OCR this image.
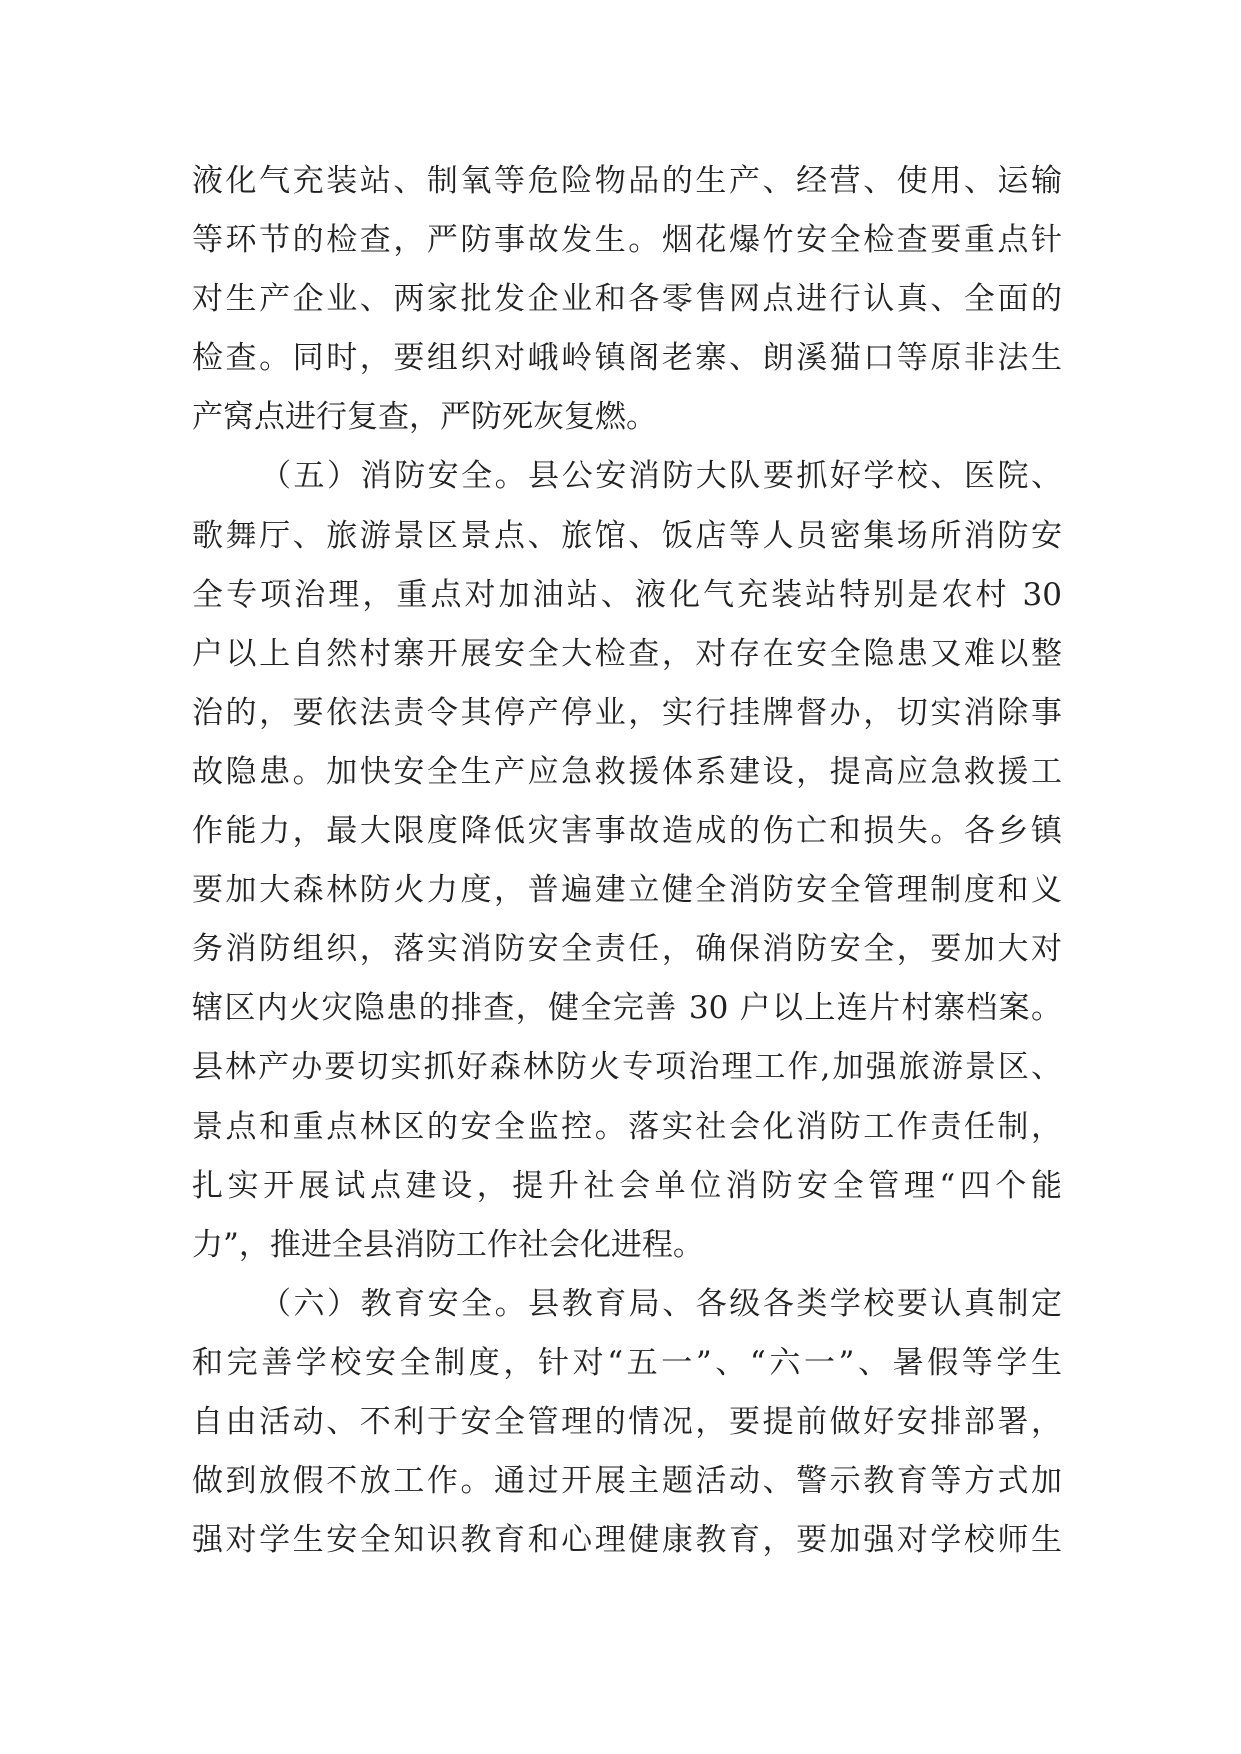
液化气充装站、制氧等危险物品的生产、经营、使用、运输
等环节的检查，严防事故发生。烟花爆竹安全检查要重点针
对生产企业、两家批发企业和各零售网点进行认真、全面的
检查。同时，要组织对峨岭镇阁老寨、朗溪猫口等原非法生
产窝点进行复查，严防死灰复燃。
（五）消防安全。县公安消防大队要抓好学校、医院、
歌舞厅、旅游景区景点、旅馆、饭店等人员密集场所消防安
全专项治理，重点对加油站、液化气充装站特别是农村 30
户以上自然村寨开展安全大检查，对存在安全隐患又难以整
治的，要依法责令其停产停业，实行挂牌督办，切实消除事
故隐患。加快安全生产应急救援体系建设，提高应急救援工
作能力，最大限度降低灾害事故造成的伤亡和损失。各乡镇
要加大森林防火力度，普遍建立健全消防安全管理制度和义
务消防组织，落实消防安全责任，确保消防安全，要加大对
辖区内火灾隐患的排查，健全完善 30 户以上连片村寨档案。
县林产办要切实抓好森林防火专项治理工作,加强旅游景区、
景点和重点林区的安全监控。落实社会化消防工作责任制，
扎实开展试点建设，提升社会单位消防安全管理“四个能
力”，推进全县消防工作社会化进程。
（六）教育安全。县教育局、各级各类学校要认真制定
和完善学校安全制度，针对“五一”、“六一”、暑假等学生
自由活动、不利于安全管理的情况，要提前做好安排部署，
做到放假不放工作。通过开展主题活动、警示教育等方式加
强对学生安全知识教育和心理健康教育，要加强对学校师生
